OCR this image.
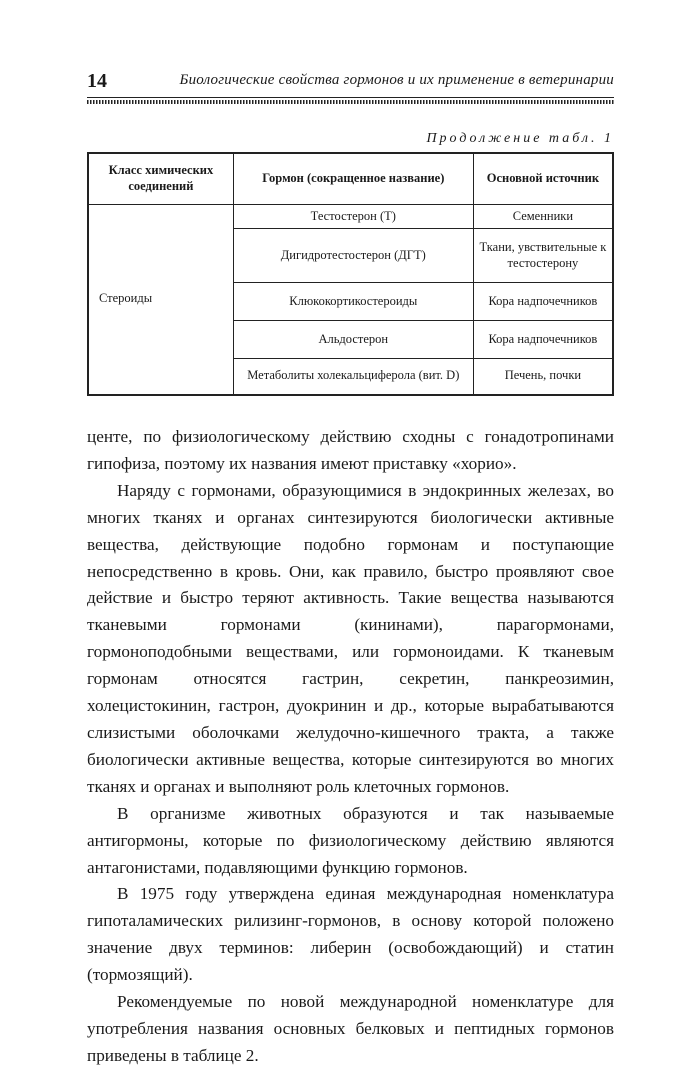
14	Биологические свойства гормонов и их применение в ветеринарии
Продолжение табл. 1
Класс химических соединений	Гормон (сокращенное название)	Основной источник
Стероиды	Тестостерон (Т)	Семенники
	Дигидротестостерон (ДГТ)	Ткани, увствительные к тестостерону
	Клюкокортикостероиды	Кора надпочечников
	Альдостерон	Кора надпочечников
	Метаболиты холекальциферола (вит. D)	Печень, почки

центе, по физиологическому действию сходны с гонадотропинами гипофиза, поэтому их названия имеют приставку «хорио».

Наряду с гормонами, образующимися в эндокринных железах, во многих тканях и органах синтезируются биологически активные вещества, действующие подобно гормонам и поступающие непосредственно в кровь. Они, как правило, быстро проявляют свое действие и быстро теряют активность. Такие вещества называются тканевыми гормонами (кининами), парагормонами, гормоноподобными веществами, или гормоноидами. К тканевым гормонам относятся гастрин, секретин, панкреозимин, холецистокинин, гастрон, дуокринин и др., которые вырабатываются слизистыми оболочками желудочно-кишечного тракта, а также биологически активные вещества, которые синтезируются во многих тканях и органах и выполняют роль клеточных гормонов.

В организме животных образуются и так называемые антигормоны, которые по физиологическому действию являются антагонистами, подавляющими функцию гормонов.

В 1975 году утверждена единая международная номенклатура гипоталамических рилизинг-гормонов, в основу которой положено значение двух терминов: либерин (освобождающий) и статин (тормозящий).

Рекомендуемые по новой международной номенклатуре для употребления названия основных белковых и пептидных гормонов приведены в таблице 2.
